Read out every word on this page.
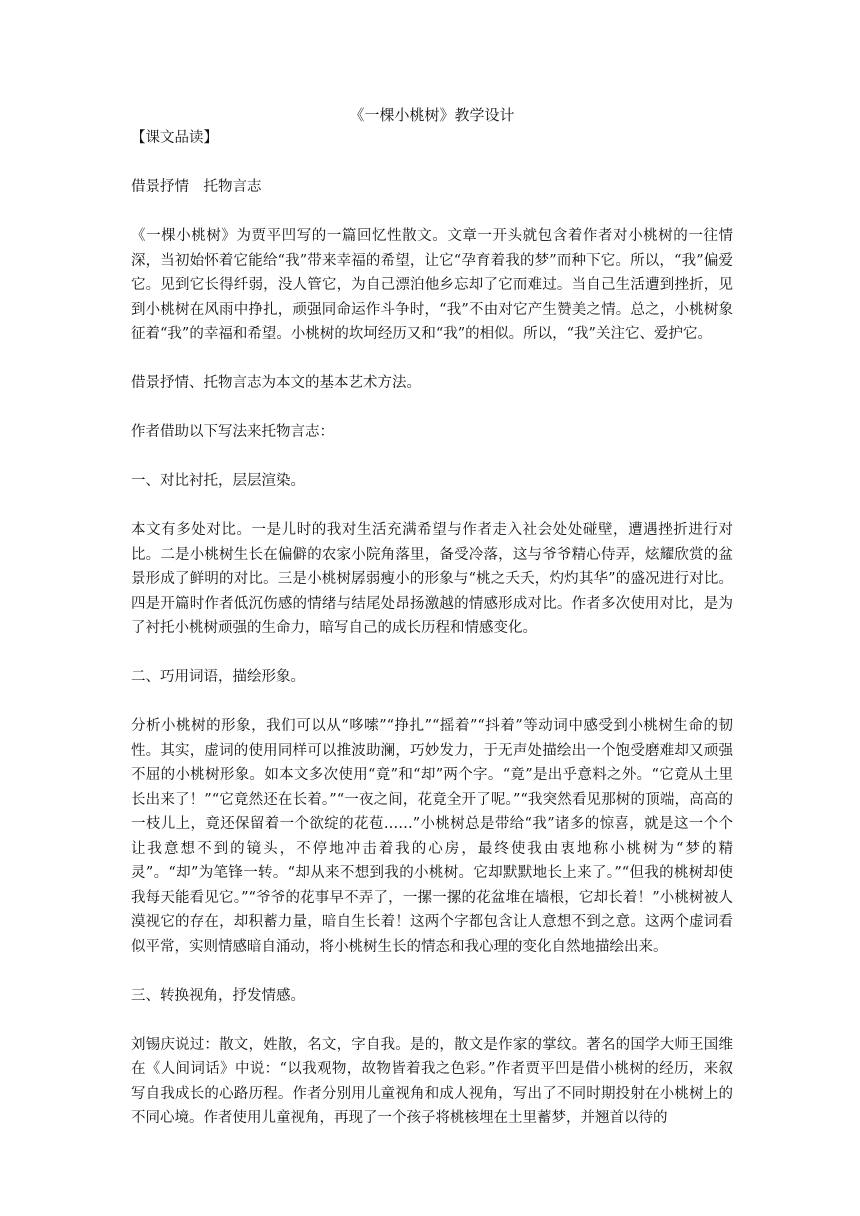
《一棵小桃树》教学设计

【课文品读】

借景抒情　托物言志

《一棵小桃树》为贾平凹写的一篇回忆性散文。文章一开头就包含着作者对小桃树的一往情深，当初始怀着它能给“我”带来幸福的希望，让它“孕育着我的梦”而种下它。所以，“我”偏爱它。见到它长得纤弱，没人管它，为自己漂泊他乡忘却了它而难过。当自己生活遭到挫折，见到小桃树在风雨中挣扎，顽强同命运作斗争时，“我”不由对它产生赞美之情。总之，小桃树象征着“我”的幸福和希望。小桃树的坎坷经历又和“我”的相似。所以，“我”关注它、爱护它。

借景抒情、托物言志为本文的基本艺术方法。

作者借助以下写法来托物言志：

一、对比衬托，层层渲染。

本文有多处对比。一是儿时的我对生活充满希望与作者走入社会处处碰壁，遭遇挫折进行对比。二是小桃树生长在偏僻的农家小院角落里，备受冷落，这与爷爷精心侍弄，炫耀欣赏的盆景形成了鲜明的对比。三是小桃树孱弱瘦小的形象与“桃之夭夭，灼灼其华”的盛况进行对比。四是开篇时作者低沉伤感的情绪与结尾处昂扬激越的情感形成对比。作者多次使用对比，是为了衬托小桃树顽强的生命力，暗写自己的成长历程和情感变化。

二、巧用词语，描绘形象。

分析小桃树的形象，我们可以从“哆嗦”“挣扎”“摇着”“抖着”等动词中感受到小桃树生命的韧性。其实，虚词的使用同样可以推波助澜，巧妙发力，于无声处描绘出一个饱受磨难却又顽强不屈的小桃树形象。如本文多次使用“竟”和“却”两个字。“竟”是出乎意料之外。“它竟从土里长出来了！”“它竟然还在长着。”“一夜之间，花竟全开了呢。”“我突然看见那树的顶端，高高的一枝儿上，竟还保留着一个欲绽的花苞……”小桃树总是带给“我”诸多的惊喜，就是这一个个让我意想不到的镜头，不停地冲击着我的心房，最终使我由衷地称小桃树为“梦的精灵”。“却”为笔锋一转。“却从来不想到我的小桃树。它却默默地长上来了。”“但我的桃树却使我每天能看见它。”“爷爷的花事早不弄了，一摞一摞的花盆堆在墙根，它却长着！”小桃树被人漠视它的存在，却积蓄力量，暗自生长着！这两个字都包含让人意想不到之意。这两个虚词看似平常，实则情感暗自涌动，将小桃树生长的情态和我心理的变化自然地描绘出来。

三、转换视角，抒发情感。

刘锡庆说过：散文，姓散，名文，字自我。是的，散文是作家的掌纹。著名的国学大师王国维在《人间词话》中说：“以我观物，故物皆着我之色彩。”作者贾平凹是借小桃树的经历，来叙写自我成长的心路历程。作者分别用儿童视角和成人视角，写出了不同时期投射在小桃树上的不同心境。作者使用儿童视角，再现了一个孩子将桃核埋在土里蓄梦，并翘首以待的
